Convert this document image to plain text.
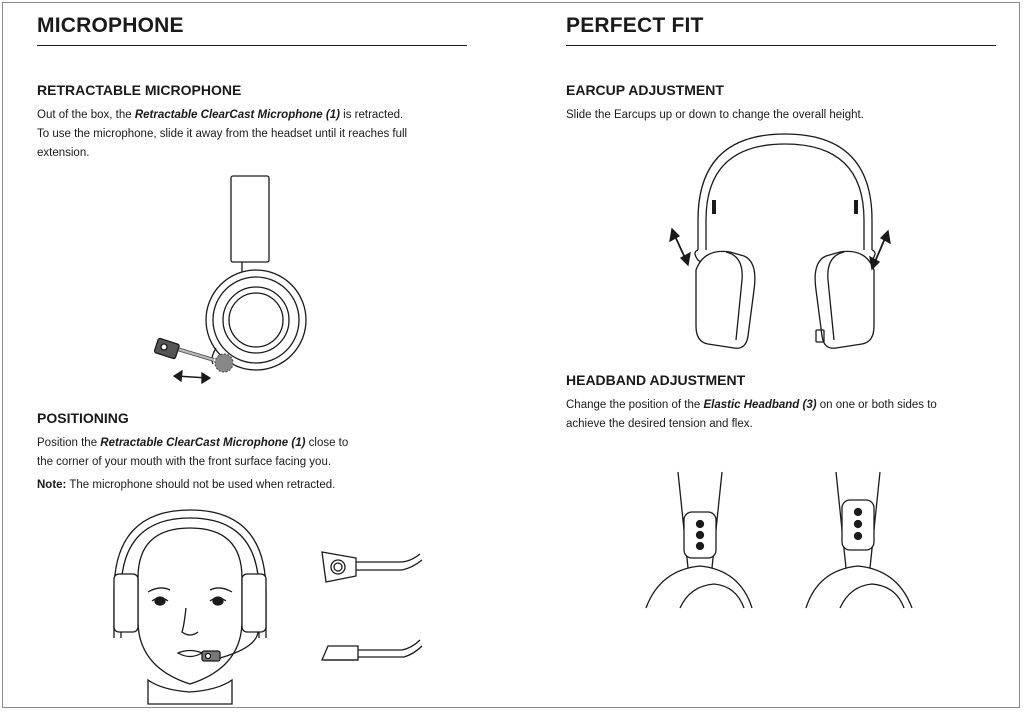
MICROPHONE
RETRACTABLE MICROPHONE
Out of the box, the Retractable ClearCast Microphone (1) is retracted.
To use the microphone, slide it away from the headset until it reaches full
extension.
POSITIONING
Position the Retractable ClearCast Microphone (1) close to
the corner of your mouth with the front surface facing you.
Note: The microphone should not be used when retracted.
PERFECT FIT
EARCUP ADJUSTMENT
Slide the Earcups up or down to change the overall height.
HEADBAND ADJUSTMENT
Change the position of the Elastic Headband (3) on one or both sides to
achieve the desired tension and flex.
